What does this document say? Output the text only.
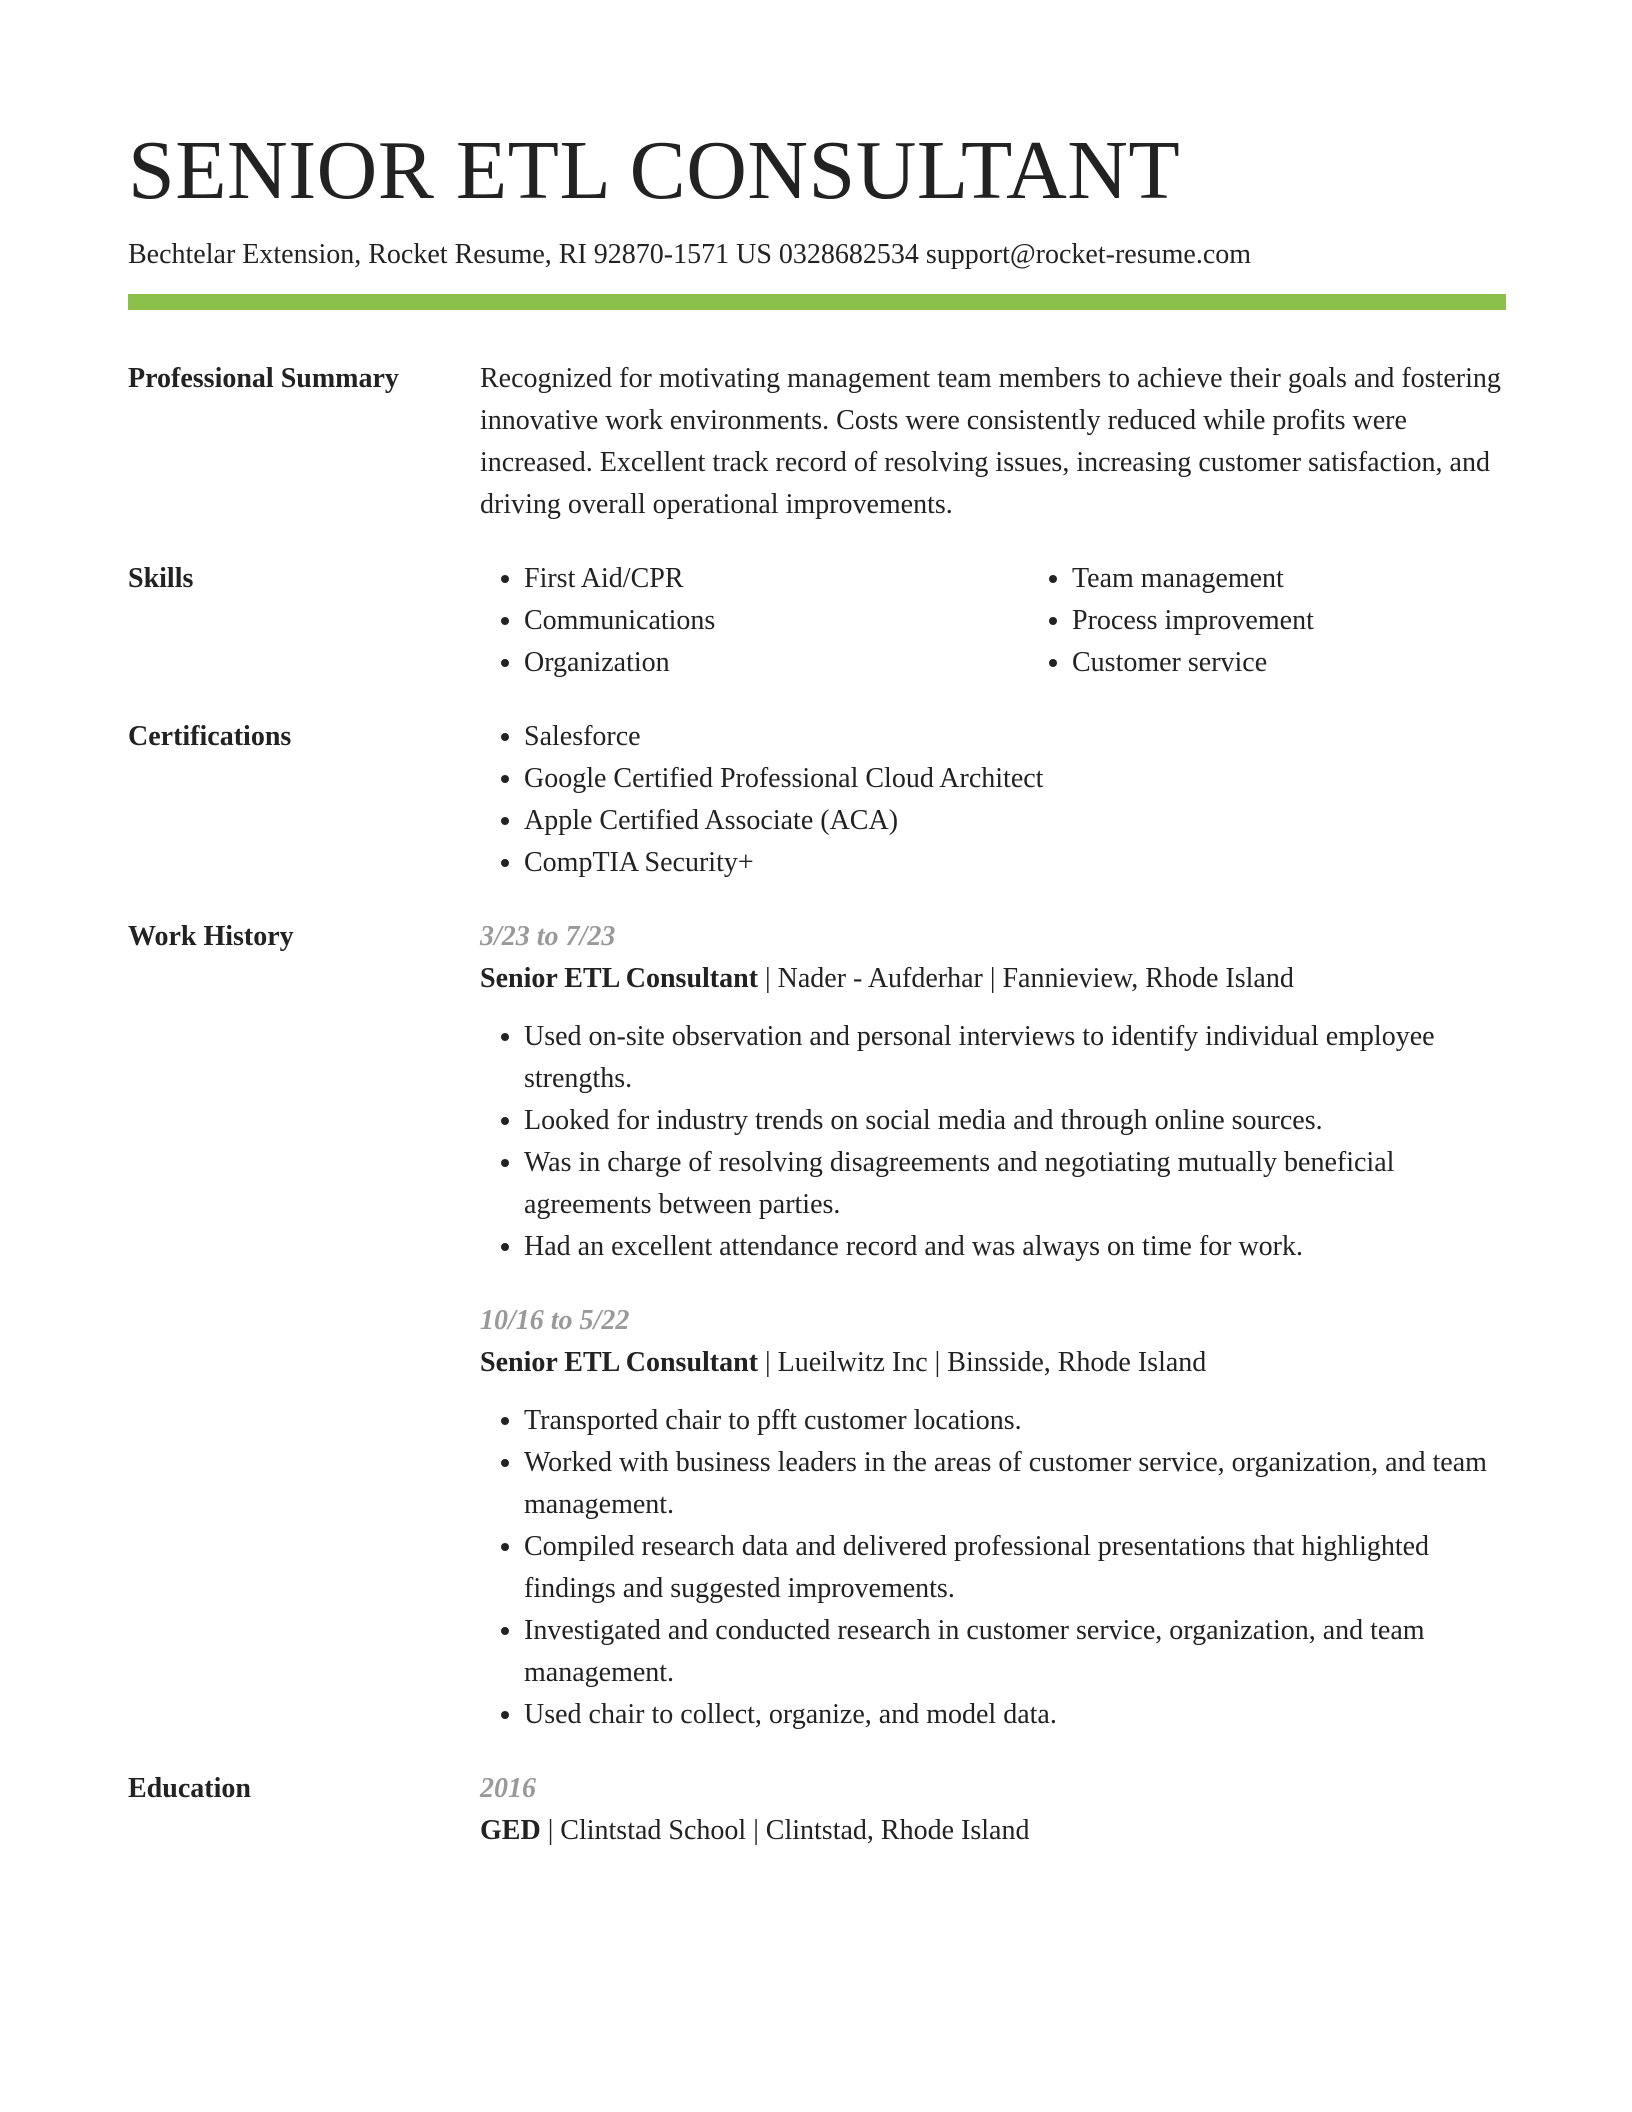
SENIOR ETL CONSULTANT
Bechtelar Extension, Rocket Resume, RI 92870-1571 US 0328682534 support@rocket-resume.com
Professional Summary	Recognized for motivating management team members to achieve their goals and fostering innovative work environments. Costs were consistently reduced while profits were increased. Excellent track record of resolving issues, increasing customer satisfaction, and driving overall operational improvements.

Skills	• First Aid/CPR
• Communications
• Organization
• Team management
• Process improvement
• Customer service
Certifications	• Salesforce
• Google Certified Professional Cloud Architect
• Apple Certified Associate (ACA)
• CompTIA Security+
Work History	3/23 to 7/23
Senior ETL Consultant | Nader - Aufderhar | Fannieview, Rhode Island
• Used on-site observation and personal interviews to identify individual employee strengths.
• Looked for industry trends on social media and through online sources.
• Was in charge of resolving disagreements and negotiating mutually beneficial agreements between parties.
• Had an excellent attendance record and was always on time for work.
10/16 to 5/22
Senior ETL Consultant | Lueilwitz Inc | Binsside, Rhode Island
• Transported chair to pfft customer locations.
• Worked with business leaders in the areas of customer service, organization, and team management.
• Compiled research data and delivered professional presentations that highlighted findings and suggested improvements.
• Investigated and conducted research in customer service, organization, and team management.
• Used chair to collect, organize, and model data.
Education	2016
GED | Clintstad School | Clintstad, Rhode Island
